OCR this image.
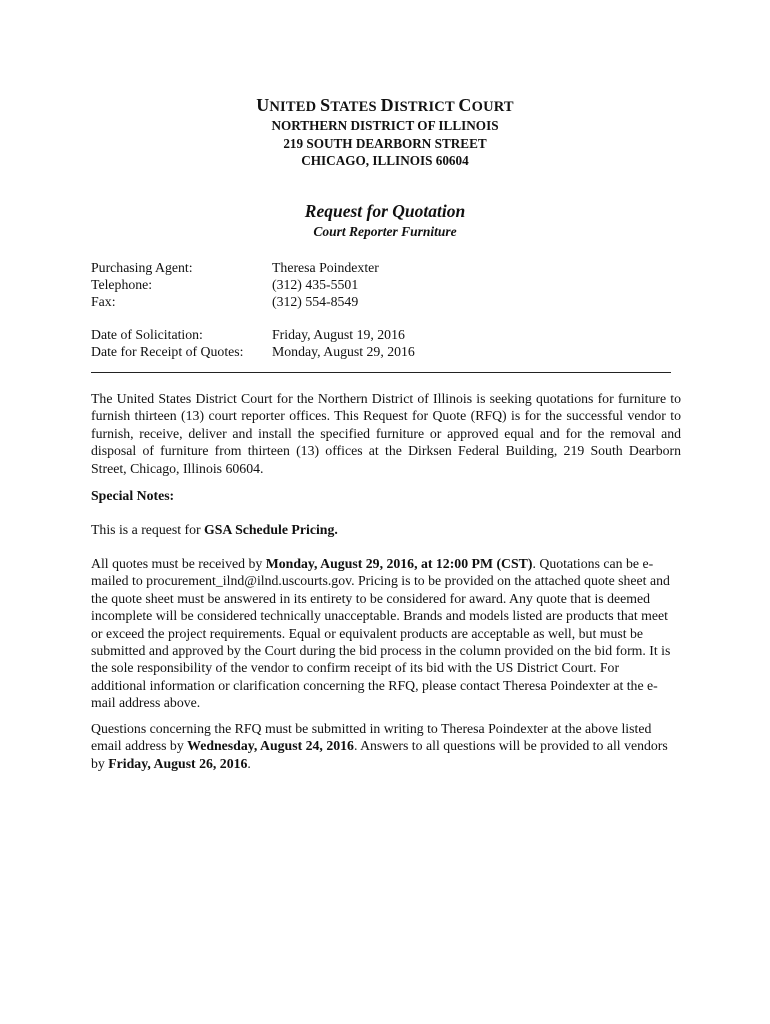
UNITED STATES DISTRICT COURT
NORTHERN DISTRICT OF ILLINOIS
219 SOUTH DEARBORN STREET
CHICAGO, ILLINOIS 60604
Request for Quotation
Court Reporter Furniture
Purchasing Agent:	Theresa Poindexter
Telephone:	(312) 435-5501
Fax:	(312) 554-8549
Date of Solicitation:	Friday, August 19, 2016
Date for Receipt of Quotes: Monday, August 29, 2016
The United States District Court for the Northern District of Illinois is seeking quotations for furniture to furnish thirteen (13) court reporter offices. This Request for Quote (RFQ) is for the successful vendor to furnish, receive, deliver and install the specified furniture or approved equal and for the removal and disposal of furniture from thirteen (13) offices at the Dirksen Federal Building, 219 South Dearborn Street, Chicago, Illinois 60604.
Special Notes:
This is a request for GSA Schedule Pricing.
All quotes must be received by Monday, August 29, 2016, at 12:00 PM (CST). Quotations can be e-
mailed to procurement_ilnd@ilnd.uscourts.gov. Pricing is to be provided on the attached quote sheet and
the quote sheet must be answered in its entirety to be considered for award. Any quote that is deemed
incomplete will be considered technically unacceptable. Brands and models listed are products that meet
or exceed the project requirements. Equal or equivalent products are acceptable as well, but must be
submitted and approved by the Court during the bid process in the column provided on the bid form. It is
the sole responsibility of the vendor to confirm receipt of its bid with the US District Court. For
additional information or clarification concerning the RFQ, please contact Theresa Poindexter at the e-
mail address above.
Questions concerning the RFQ must be submitted in writing to Theresa Poindexter at the above listed
email address by Wednesday, August 24, 2016. Answers to all questions will be provided to all vendors
by Friday, August 26, 2016.
